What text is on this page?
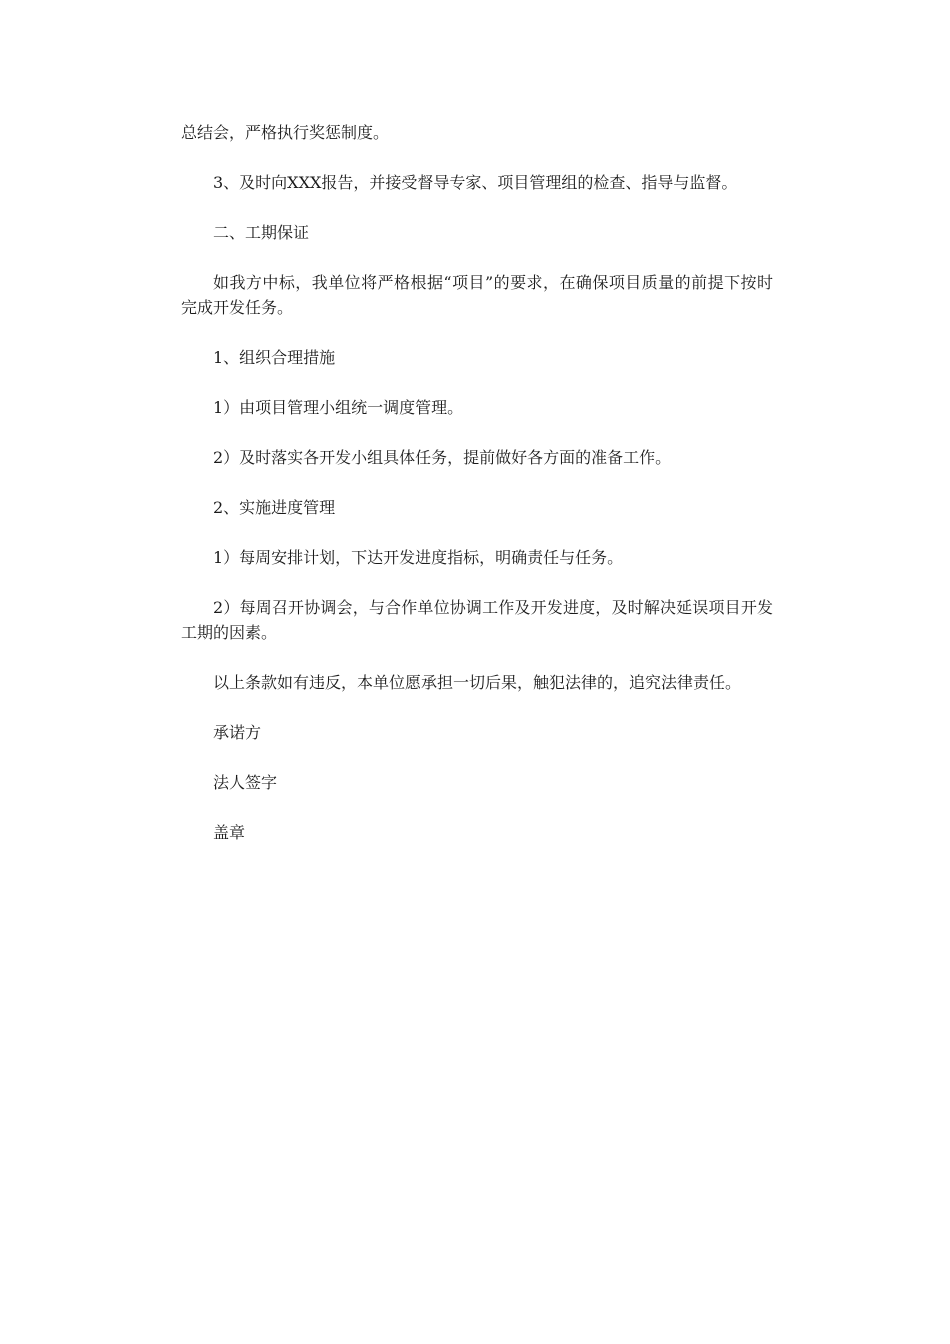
总结会，严格执行奖惩制度。

3、及时向XXX报告，并接受督导专家、项目管理组的检查、指导与监督。

二、工期保证

如我方中标，我单位将严格根据“项目”的要求，在确保项目质量的前提下按时完成开发任务。

1、组织合理措施

1）由项目管理小组统一调度管理。

2）及时落实各开发小组具体任务，提前做好各方面的准备工作。

2、实施进度管理

1）每周安排计划，下达开发进度指标，明确责任与任务。

2）每周召开协调会，与合作单位协调工作及开发进度，及时解决延误项目开发工期的因素。

以上条款如有违反，本单位愿承担一切后果，触犯法律的，追究法律责任。

承诺方

法人签字

盖章
